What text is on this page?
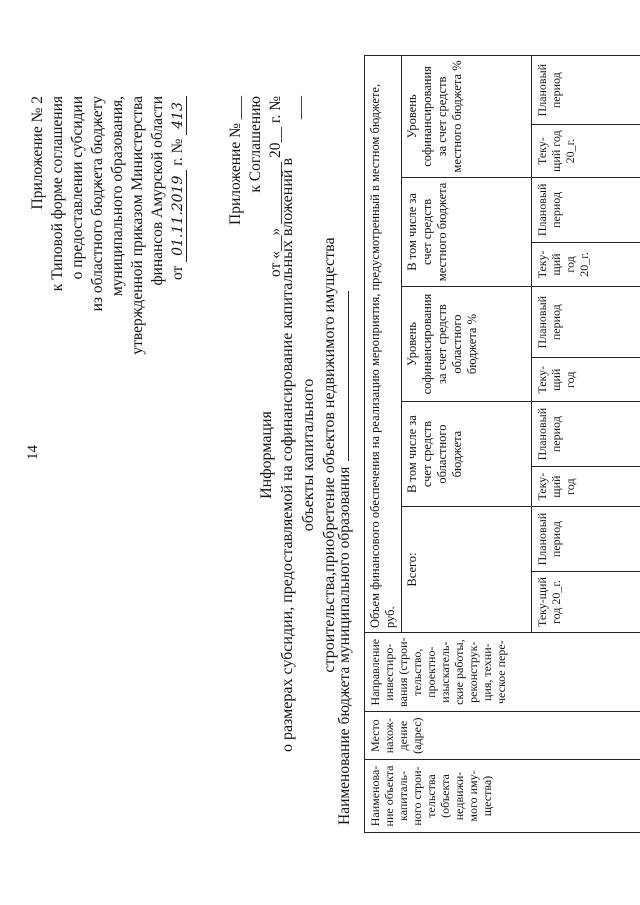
14
Приложение № 2 к Типовой форме соглашения о предоставлении субсидии из областного бюджета бюджету муниципального образования, утвержденной приказом Министерства финансов Амурской области от 01.11.2019 г. № 413	Приложение № ___ к Соглашению от «__» ________ 20__ г. № ___
Информация о размерах субсидии, предоставляемой на софинансирование капитальных вложений в объекты капитального строительства,приобретение объектов недвижимого имущества
Наименование бюджета муниципального образования Наименова-ние объекта капиталь-ного строи-тельства (объекта недвижи-мого иму-щества)	Место нахож-дение (адрес)	Направление инвестиро-вания (строи-тельство, проектно-изыскатель-ские работы, реконструк-ция, техни-ческое пере-	Объем финансового обеспечения на реализацию мероприятия, предусмотренный в местном бюджете, руб.									
			Всего:		В том числе за счет средств областного бюджета		Уровень софинансирования за счет средств областного бюджета %		В том числе за счет средств местного бюджета		Уровень софинансирования за счет средств местного бюджета %	
			Теку-щий год 20_г.	Плановый период	Теку-щий год	Плановый период	Теку-щий год	Плановый период	Теку-щий год 20_г.	Плановый период	Теку-щий год 20_г.	Плановый период
